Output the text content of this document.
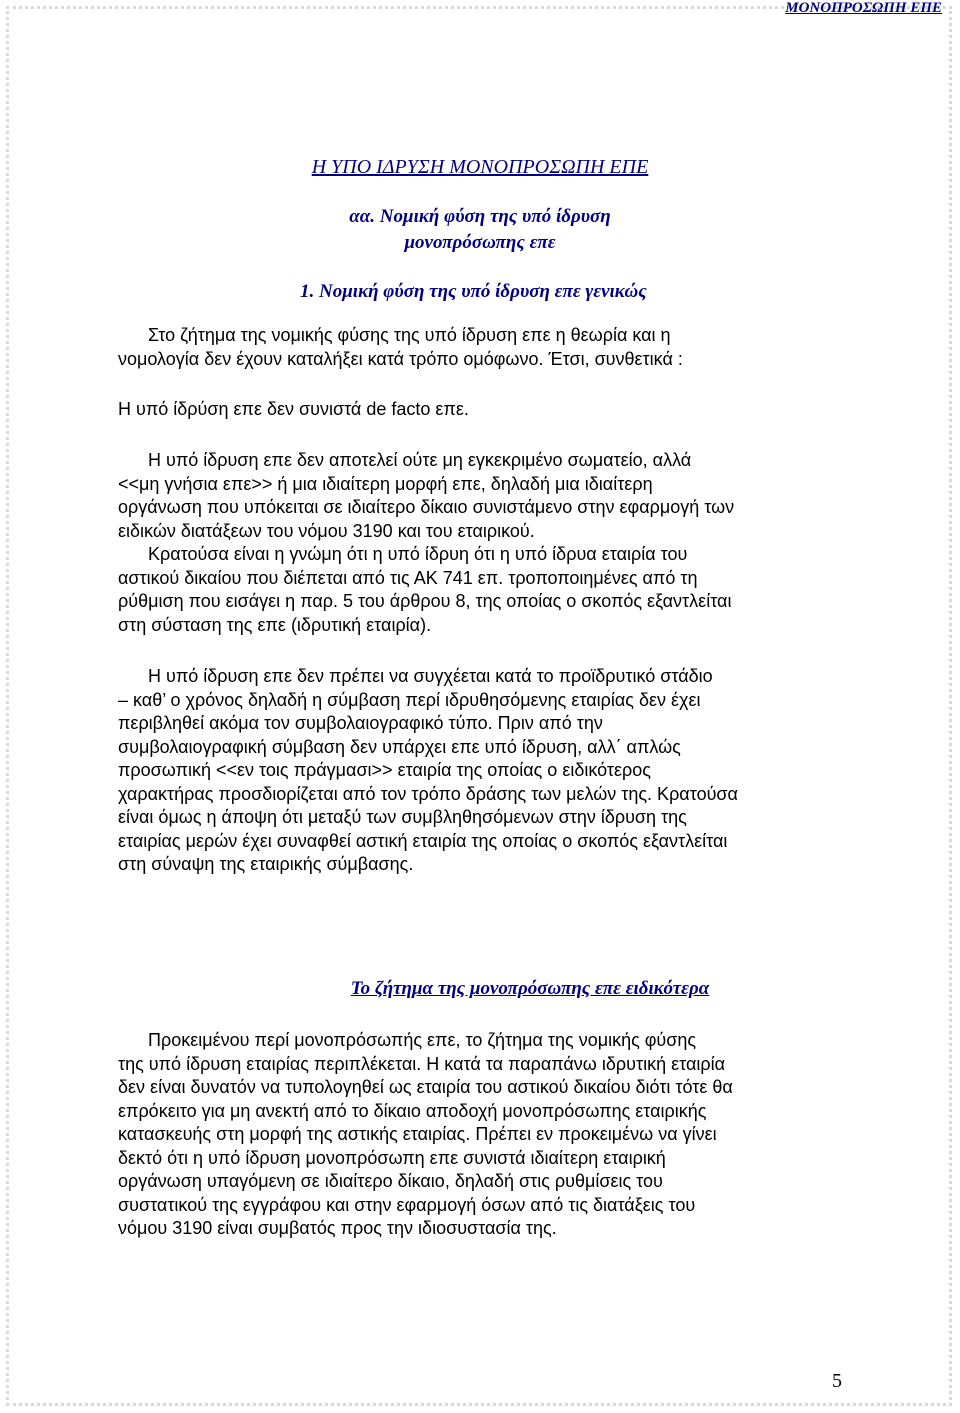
ΜΟΝΟΠΡΟΣΩΠΗ ΕΠΕ
Η ΥΠΟ ΙΔΡΥΣΗ ΜΟΝΟΠΡΟΣΩΠΗ ΕΠΕ
αα. Νομική φύση της υπό ίδρυση
μονοπρόσωπης επε
1. Νομική φύση της υπό ίδρυση επε γενικώς
Στο ζήτημα της νομικής φύσης της υπό ίδρυση επε η θεωρία και η
νομολογία δεν έχουν καταλήξει κατά τρόπο ομόφωνο. Έτσι, συνθετικά :
Η υπό ίδρύση επε δεν συνιστά de facto επε.
Η υπό ίδρυση επε δεν αποτελεί ούτε μη εγκεκριμένο σωματείο, αλλά
<<μη γνήσια επε>> ή μια ιδιαίτερη μορφή επε, δηλαδή μια ιδιαίτερη
οργάνωση που υπόκειται σε ιδιαίτερο δίκαιο συνιστάμενο στην εφαρμογή των
ειδικών διατάξεων του νόμου 3190 και του εταιρικού.
Κρατούσα είναι η γνώμη ότι η υπό ίδρυη ότι η υπό ίδρυα εταιρία του
αστικού δικαίου που διέπεται από τις ΑΚ 741 επ. τροποποιημένες από τη
ρύθμιση που εισάγει η παρ. 5 του άρθρου 8, της οποίας ο σκοπός εξαντλείται
στη σύσταση της επε (ιδρυτική εταιρία).
Η υπό ίδρυση επε δεν πρέπει να συγχέεται κατά το προϊδρυτικό στάδιο
– καθ’ ο χρόνος δηλαδή η σύμβαση περί ιδρυθησόμενης εταιρίας δεν έχει
περιβληθεί ακόμα τον συμβολαιογραφικό τύπο. Πριν από την
συμβολαιογραφική σύμβαση δεν υπάρχει επε υπό ίδρυση, αλλ΄ απλώς
προσωπική <<εν τοις πράγμασι>> εταιρία της οποίας ο ειδικότερος
χαρακτήρας προσδιορίζεται από τον τρόπο δράσης των μελών της. Κρατούσα
είναι όμως η άποψη ότι μεταξύ των συμβληθησόμενων στην ίδρυση της
εταιρίας μερών έχει συναφθεί αστική εταιρία της οποίας ο σκοπός εξαντλείται
στη σύναψη της εταιρικής σύμβασης.
Το ζήτημα της μονοπρόσωπης επε ειδικότερα
Προκειμένου περί μονοπρόσωπής επε, το ζήτημα της νομικής φύσης
της υπό ίδρυση εταιρίας περιπλέκεται. Η κατά τα παραπάνω ιδρυτική εταιρία
δεν είναι δυνατόν να τυπολογηθεί ως εταιρία του αστικού δικαίου διότι τότε θα
επρόκειτο για μη ανεκτή από το δίκαιο αποδοχή μονοπρόσωπης εταιρικής
κατασκευής στη μορφή της αστικής εταιρίας. Πρέπει εν προκειμένω να γίνει
δεκτό ότι η υπό ίδρυση μονοπρόσωπη επε συνιστά ιδιαίτερη εταιρική
οργάνωση υπαγόμενη σε ιδιαίτερο δίκαιο, δηλαδή στις ρυθμίσεις του
συστατικού της εγγράφου και στην εφαρμογή όσων από τις διατάξεις του
νόμου 3190 είναι συμβατός προς την ιδιοσυστασία της.
5
